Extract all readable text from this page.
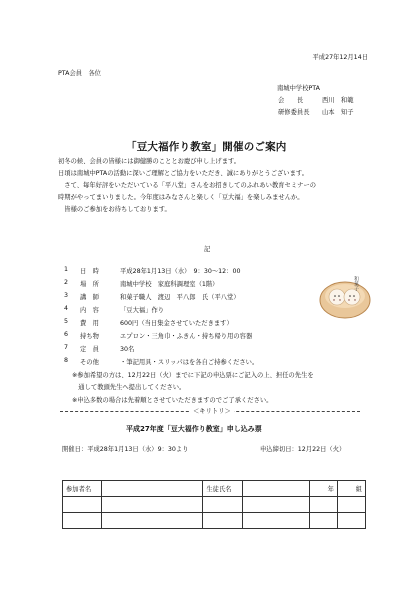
平成27年12月14日
PTA会員　各位
南城中学校PTA
会　　長	西川　和範
研修委員長 山本　知子
「豆大福作り教室」開催のご案内
初冬の候、会員の皆様には御健勝のこととお慶び申し上げます。
日頃は南城中PTAの活動に深いご理解とご協力をいただき、誠にありがとうございます。
　さて、毎年好評をいただいている「平八堂」さんをお招きしてのふれあい教育セミナーの
時期がやってまいりました。今年度はみなさんと楽しく「豆大福」を楽しみませんか。
　皆様のご参加をお待ちしております。
記
1 日　時	平成28年1月13日（水）　9：30～12：00
2 場　所	南城中学校　家庭科調理室（1階）
3 講　師	和菓子職人　渡辺　平八郎　氏（平八堂）
4 内　容	「豆大福」作り
5 費　用	600円（当日集金させていただきます）
6 持ち物	エプロン・三角巾・ふきん・持ち帰り用の容器
7 定　員	30名
8 その他	・筆記用具・スリッパはを各自ご持参ください。
※参加希望の方は、12月22日（火）までに下記の申込票にご記入の上、担任の先生を
　通して教頭先生へ提出してください。
※申込多数の場合は先着順とさせていただきますのでご了承ください。
和菓子
＜キリトリ＞
平成27年度「豆大福作り教室」申し込み票
開催日：平成28年1月13日（水）9：30より	申込締切日：12月22日（火）
参加者名		生徒氏名		年	組
